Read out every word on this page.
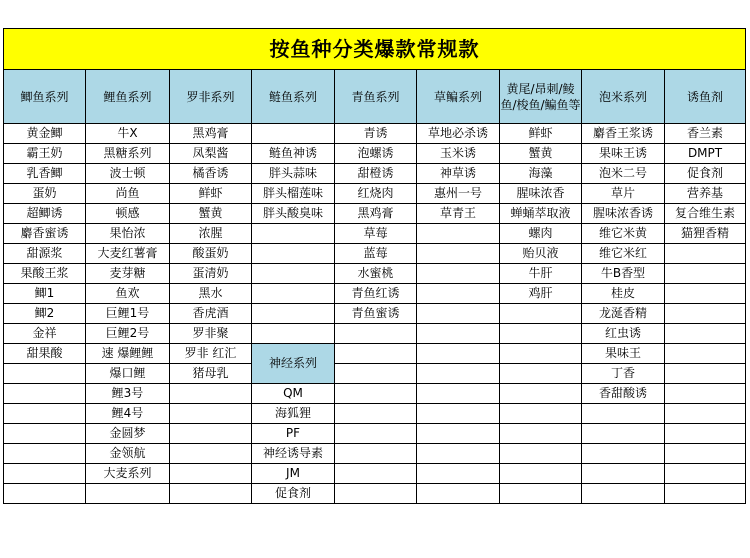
按鱼种分类爆款常规款								
鲫鱼系列	鲤鱼系列	罗非系列	鲢鱼系列	青鱼系列	草鳊系列	黄尾/昂刺/鲮鱼/梭鱼/鳊鱼等	泡米系列	诱鱼剂
黄金鲫	牛X	黑鸡膏		青诱	草地必杀诱	鲜虾	麝香王浆诱	香兰素
霸王奶	黑糖系列	凤梨酱	鲢鱼神诱	泡螺诱	玉米诱	蟹黄	果味王诱	DMPT
乳香鲫	波士顿	橘香诱	胖头蒜味	甜橙诱	神草诱	海藻	泡米二号	促食剂
蛋奶	尚鱼	鲜虾	胖头榴莲味	红烧肉	惠州一号	腥味浓香	草片	营养基
超鲫诱	顿感	蟹黄	胖头酸臭味	黑鸡膏	草青王	蝉蛹萃取液	腥味浓香诱	复合维生素
麝香蜜诱	果怡浓	浓腥		草莓		螺肉	维它米黄	猫狸香精
甜源浆	大麦红薯膏	酸蛋奶		蓝莓		贻贝液	维它米红	
果酸王浆	麦芽糖	蛋清奶		水蜜桃		牛肝	牛B香型	
鲫1	鱼欢	黑水		青鱼红诱		鸡肝	桂皮	
鲫2	巨鲤1号	香虎酒		青鱼蜜诱			龙涎香精	
金祥	巨鲤2号	罗非聚					红虫诱	
甜果酸	速 爆鲤鲤	罗非 红汇	神经系列				果味王	
	爆口鲤	猪母乳					丁香	
	鲤3号		QM				香甜酸诱	
	鲤4号		海狐狸					
	金圆梦		PF					
	金领航		神经诱导素					
	大麦系列		JM					
			促食剂					
